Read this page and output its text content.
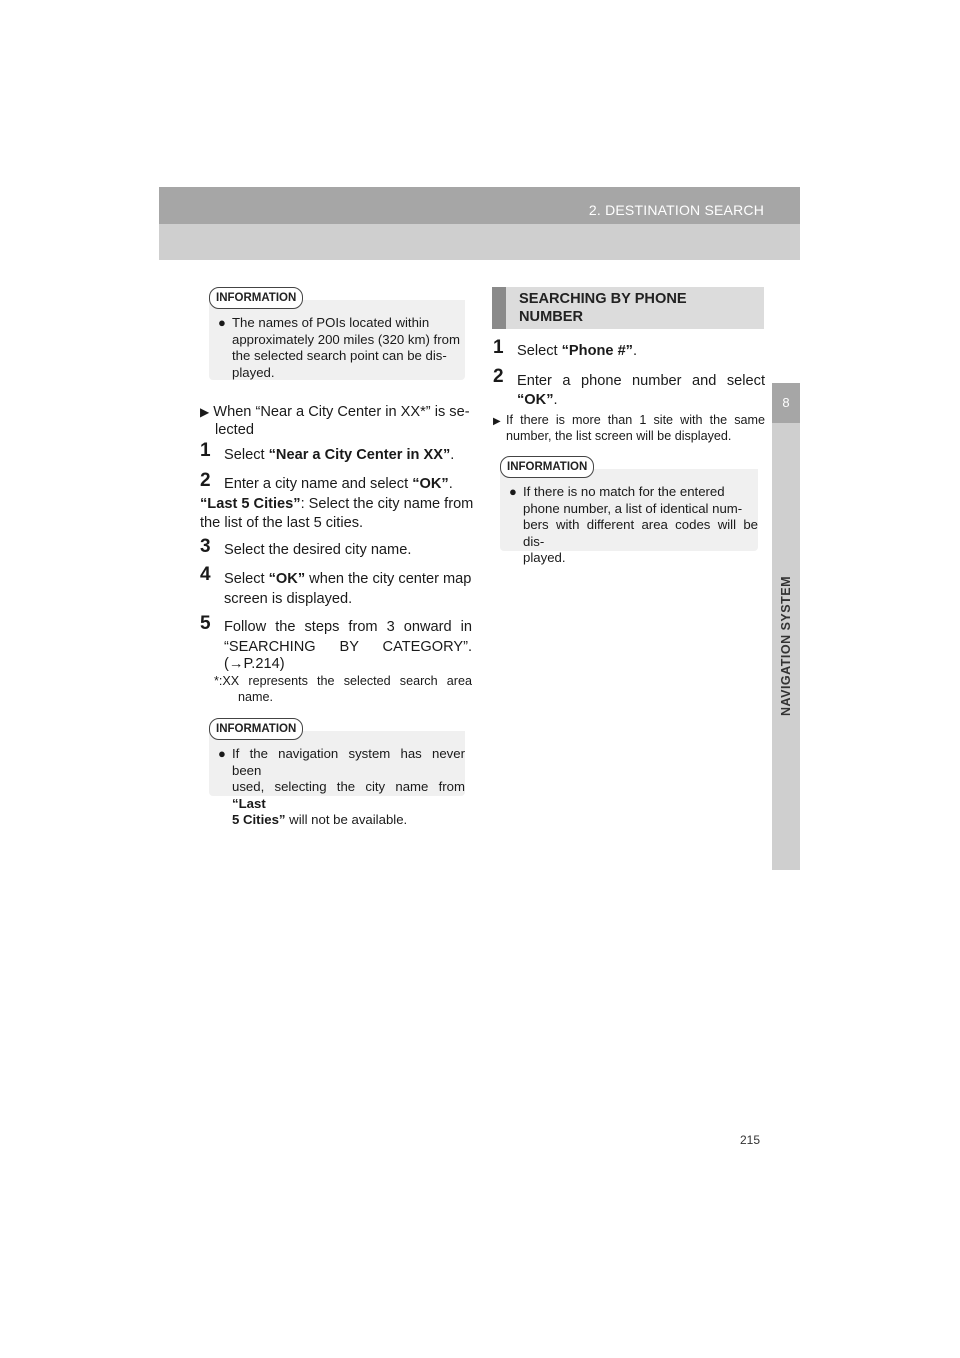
2. DESTINATION SEARCH
8
NAVIGATION SYSTEM
INFORMATION
● The names of POIs located within
approximately 200 miles (320 km) from
the selected search point can be dis-
played.
▶ When “Near a City Center in XX*” is se-
lected
1 Select “Near a City Center in XX”.
2 Enter a city name and select “OK”.
“Last 5 Cities”: Select the city name from
the list of the last 5 cities.
3 Select the desired city name.
4 Select “OK” when the city center map
screen is displayed.
5 Follow the steps from 3 onward in
“SEARCHING BY CATEGORY”.
(→P.214)
*:XX represents the selected search area
name.
INFORMATION
● If the navigation system has never been
used, selecting the city name from “Last
5 Cities” will not be available.
SEARCHING BY PHONE
NUMBER
1 Select “Phone #”.
2 Enter a phone number and select
“OK”.
▶ If there is more than 1 site with the same
number, the list screen will be displayed.
INFORMATION
● If there is no match for the entered
phone number, a list of identical num-
bers with different area codes will be dis-
played.
215
